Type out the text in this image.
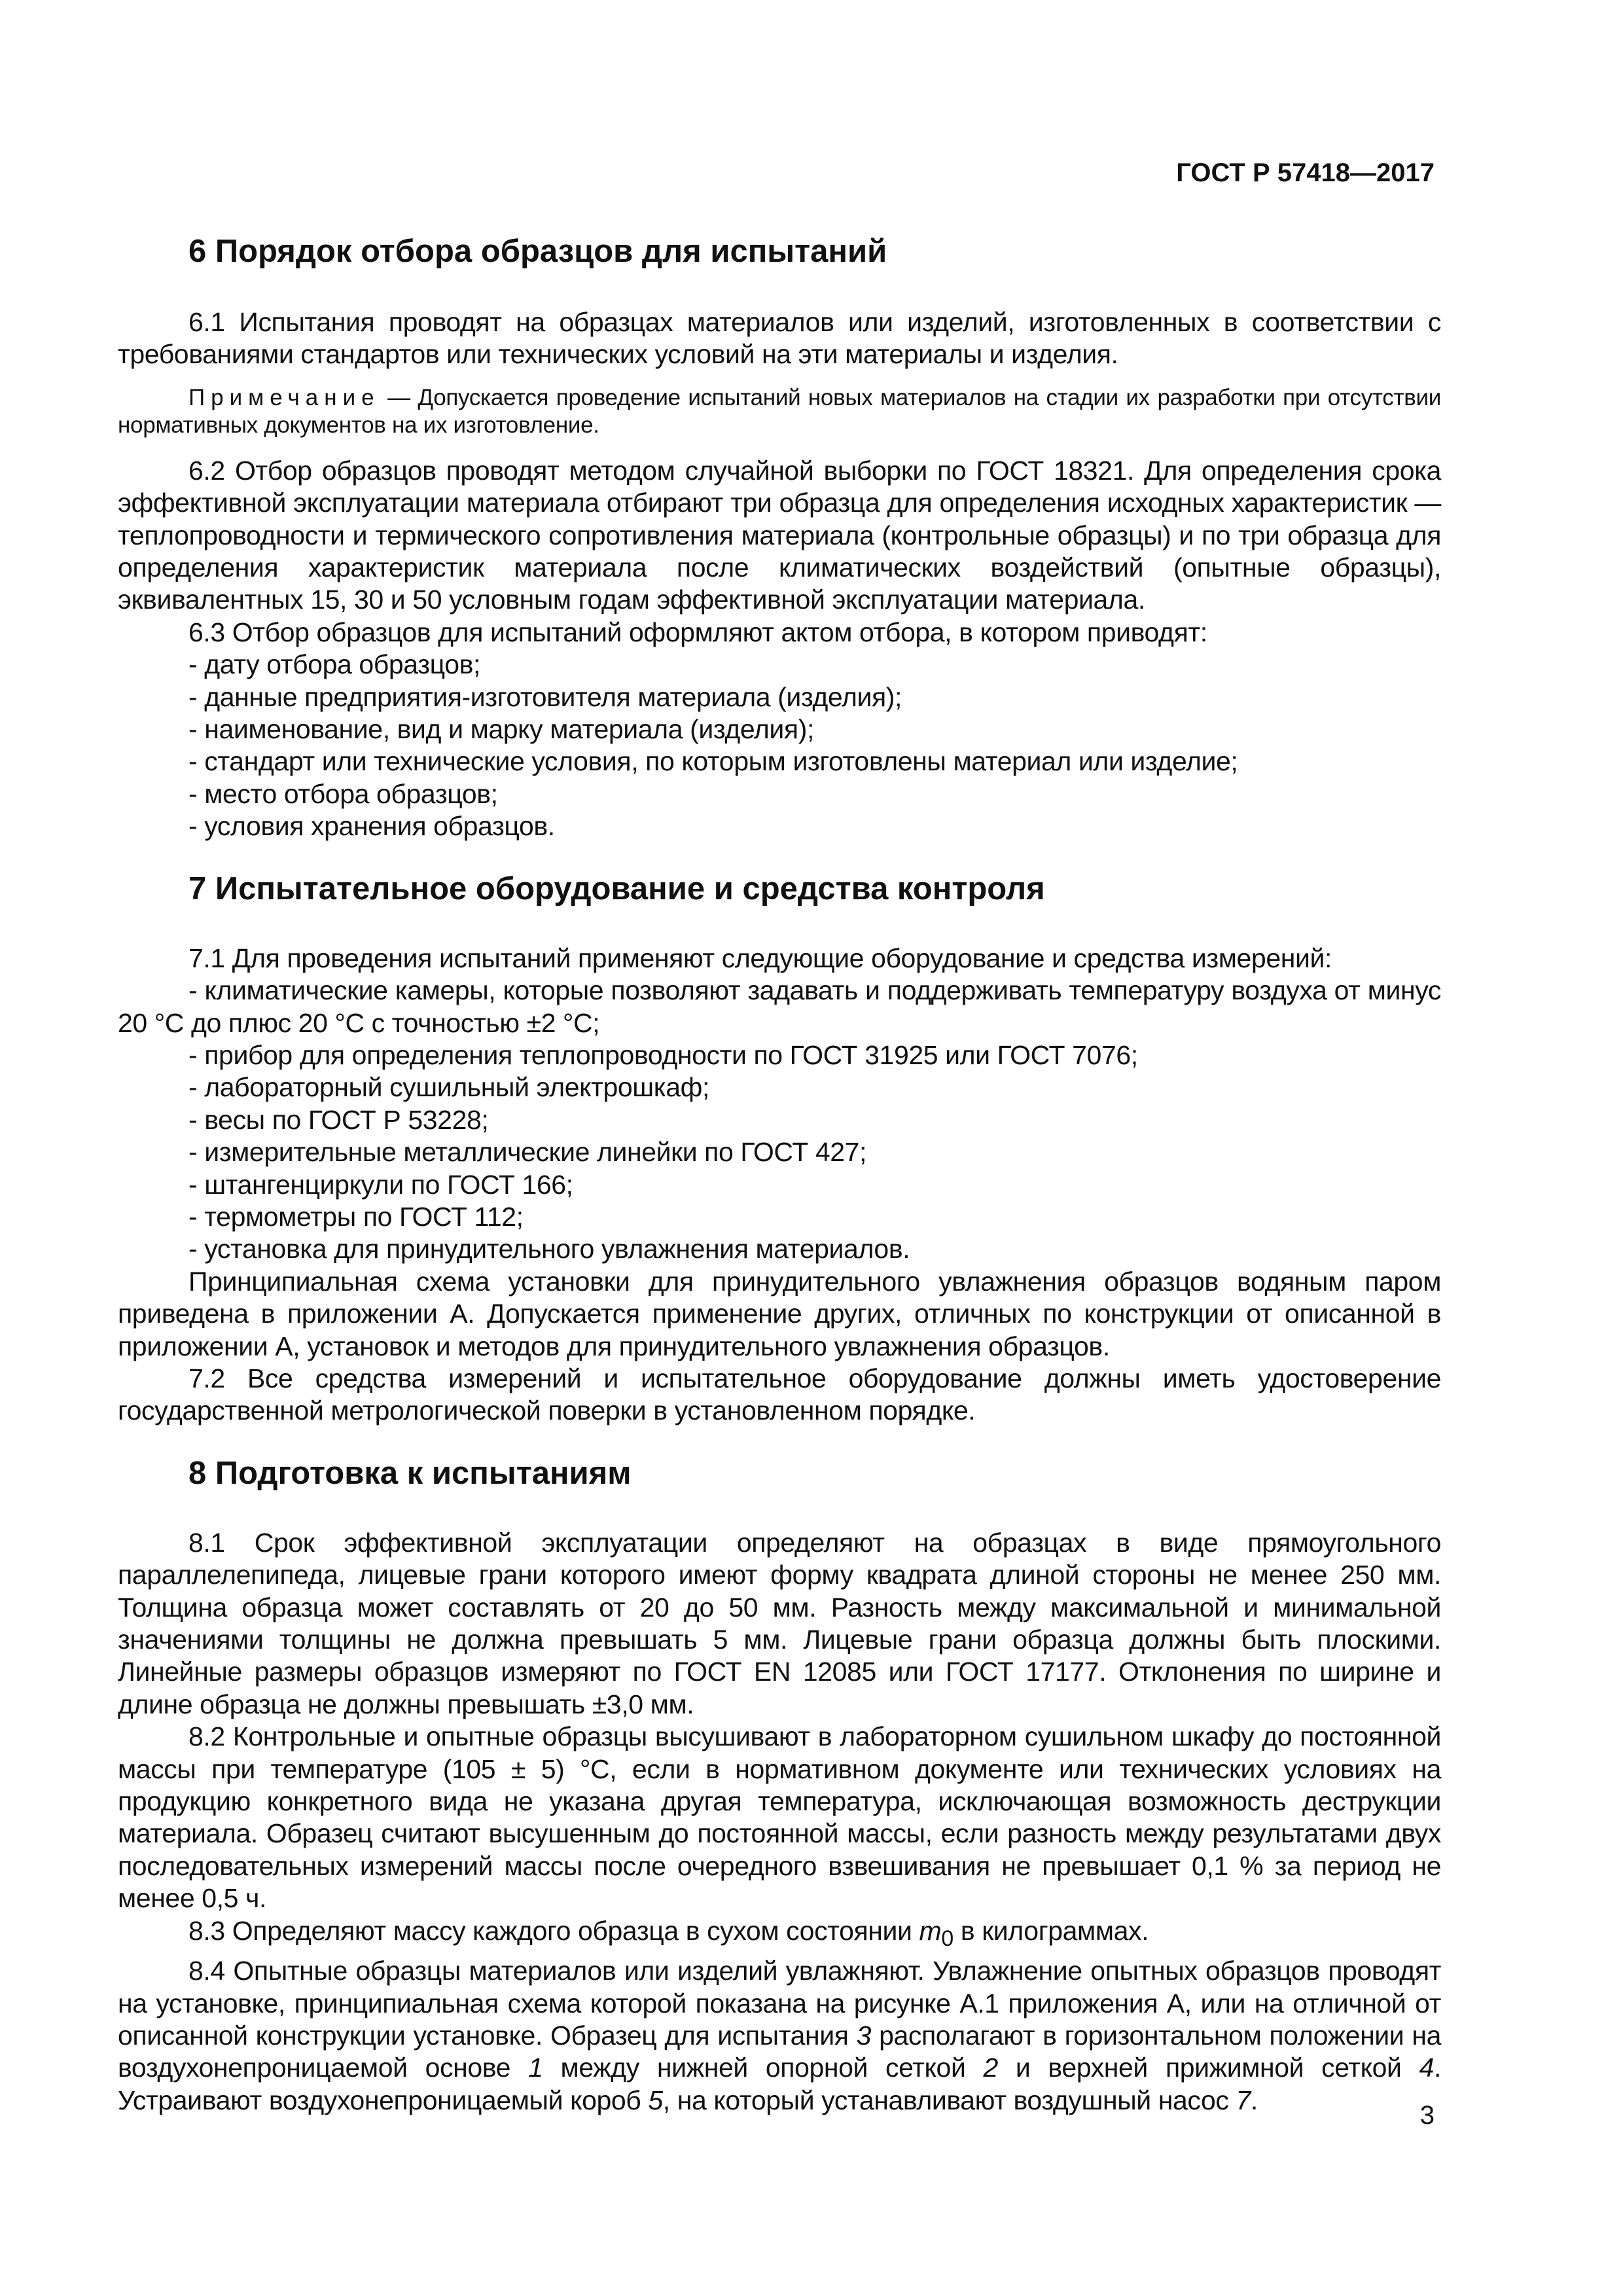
ГОСТ Р 57418—2017
6 Порядок отбора образцов для испытаний

6.1 Испытания проводят на образцах материалов или изделий, изготовленных в соответствии с требованиями стандартов или технических условий на эти материалы и изделия.

Примечание — Допускается проведение испытаний новых материалов на стадии их разработки при отсутствии нормативных документов на их изготовление.

6.2 Отбор образцов проводят методом случайной выборки по ГОСТ 18321. Для определения срока эффективной эксплуатации материала отбирают три образца для определения исходных характеристик — теплопроводности и термического сопротивления материала (контрольные образцы) и по три образца для определения характеристик материала после климатических воздействий (опытные образцы), эквивалентных 15, 30 и 50 условным годам эффективной эксплуатации материала.

6.3 Отбор образцов для испытаний оформляют актом отбора, в котором приводят:

- дату отбора образцов;

- данные предприятия-изготовителя материала (изделия);

- наименование, вид и марку материала (изделия);

- стандарт или технические условия, по которым изготовлены материал или изделие;

- место отбора образцов;

- условия хранения образцов.

7 Испытательное оборудование и средства контроля

7.1 Для проведения испытаний применяют следующие оборудование и средства измерений:

- климатические камеры, которые позволяют задавать и поддерживать температуру воздуха от минус 20 °С до плюс 20 °С с точностью ±2 °С;

- прибор для определения теплопроводности по ГОСТ 31925 или ГОСТ 7076;

- лабораторный сушильный электрошкаф;

- весы по ГОСТ Р 53228;

- измерительные металлические линейки по ГОСТ 427;

- штангенциркули по ГОСТ 166;

- термометры по ГОСТ 112;

- установка для принудительного увлажнения материалов.

Принципиальная схема установки для принудительного увлажнения образцов водяным паром приведена в приложении А. Допускается применение других, отличных по конструкции от описанной в приложении А, установок и методов для принудительного увлажнения образцов.

7.2 Все средства измерений и испытательное оборудование должны иметь удостоверение государственной метрологической поверки в установленном порядке.

8 Подготовка к испытаниям

8.1 Срок эффективной эксплуатации определяют на образцах в виде прямоугольного параллелепипеда, лицевые грани которого имеют форму квадрата длиной стороны не менее 250 мм. Толщина образца может составлять от 20 до 50 мм. Разность между максимальной и минимальной значениями толщины не должна превышать 5 мм. Лицевые грани образца должны быть плоскими. Линейные размеры образцов измеряют по ГОСТ EN 12085 или ГОСТ 17177. Отклонения по ширине и длине образца не должны превышать ±3,0 мм.

8.2 Контрольные и опытные образцы высушивают в лабораторном сушильном шкафу до постоянной массы при температуре (105 ± 5) °С, если в нормативном документе или технических условиях на продукцию конкретного вида не указана другая температура, исключающая возможность деструкции материала. Образец считают высушенным до постоянной массы, если разность между результатами двух последовательных измерений массы после очередного взвешивания не превышает 0,1 % за период не менее 0,5 ч.

8.3 Определяют массу каждого образца в сухом состоянии $m_0$ в килограммах.

8.4 Опытные образцы материалов или изделий увлажняют. Увлажнение опытных образцов проводят на установке, принципиальная схема которой показана на рисунке А.1 приложения А, или на отличной от описанной конструкции установке. Образец для испытания 3 располагают в горизонтальном положении на воздухонепроницаемой основе 1 между нижней опорной сеткой 2 и верхней прижимной сеткой 4. Устраивают воздухонепроницаемый короб 5, на который устанавливают воздушный насос 7.

3
